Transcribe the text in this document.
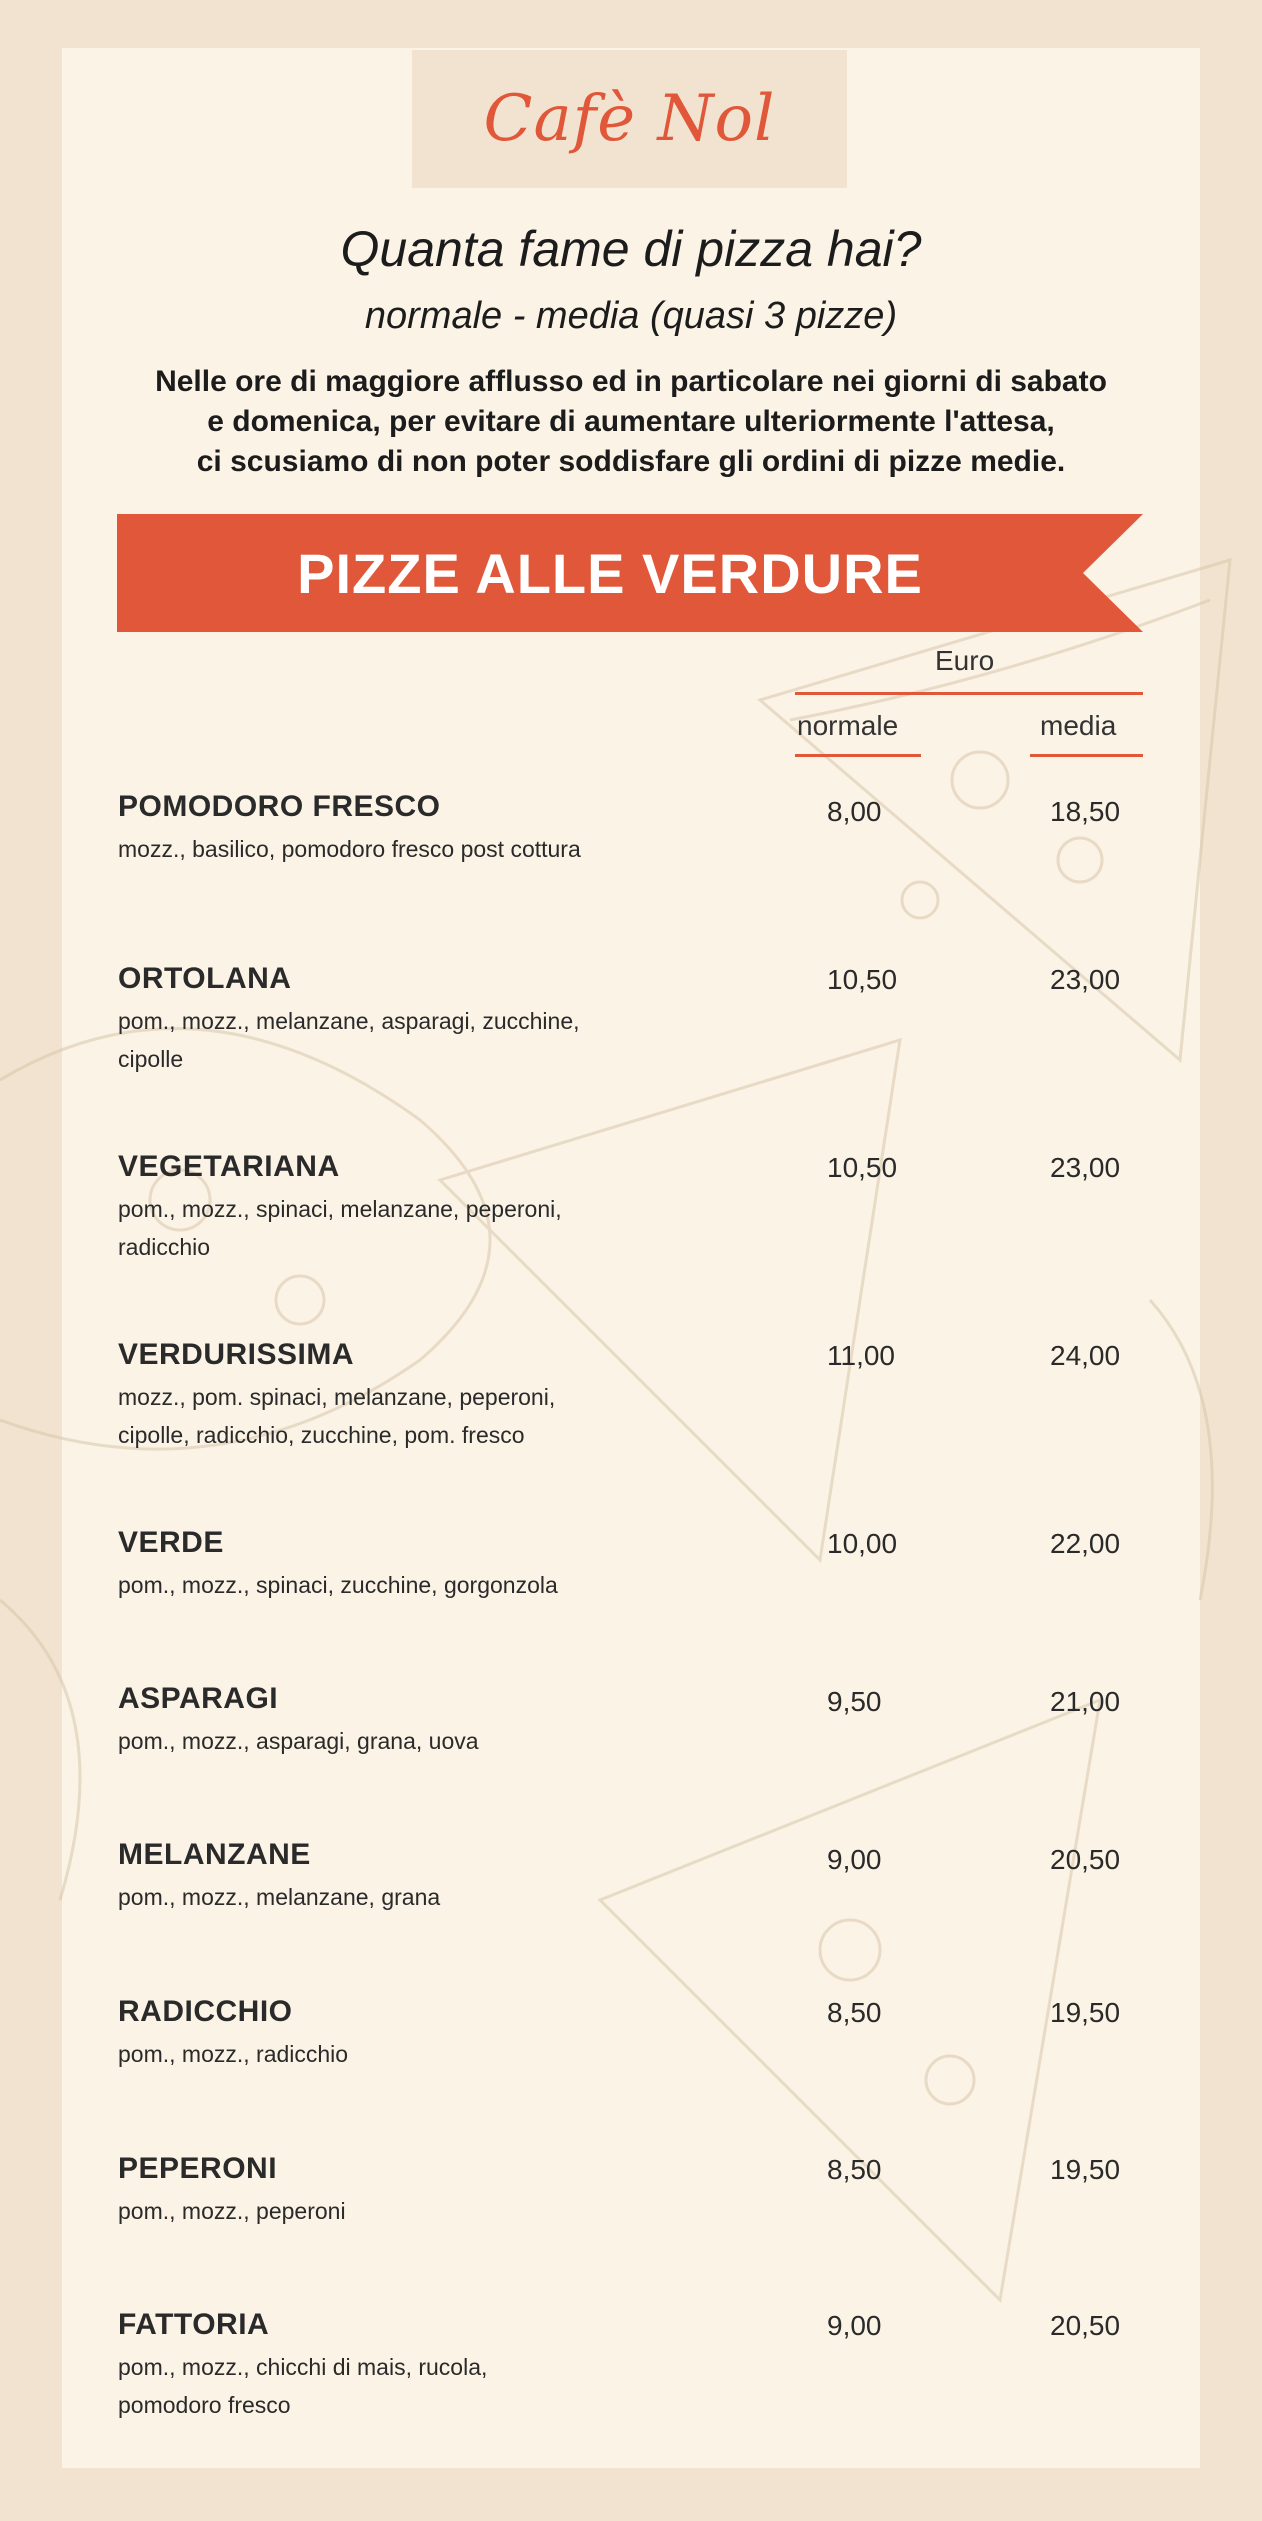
Cafè Nol
Quanta fame di pizza hai?
normale - media (quasi 3 pizze)
Nelle ore di maggiore afflusso ed in particolare nei giorni di sabato
e domenica, per evitare di aumentare ulteriormente l'attesa,
ci scusiamo di non poter soddisfare gli ordini di pizze medie.
PIZZE ALLE VERDURE
Euro
normale	media
POMODORO FRESCO
mozz., basilico, pomodoro fresco post cottura
8,00	18,50
ORTOLANA
pom., mozz., melanzane, asparagi, zucchine,
cipolle
10,50	23,00
VEGETARIANA
pom., mozz., spinaci, melanzane, peperoni,
radicchio
10,50	23,00
VERDURISSIMA
mozz., pom. spinaci, melanzane, peperoni,
cipolle, radicchio, zucchine, pom. fresco
11,00	24,00
VERDE
pom., mozz., spinaci, zucchine, gorgonzola
10,00	22,00
ASPARAGI
pom., mozz., asparagi, grana, uova
9,50	21,00
MELANZANE
pom., mozz., melanzane, grana
9,00	20,50
RADICCHIO
pom., mozz., radicchio
8,50	19,50
PEPERONI
pom., mozz., peperoni
8,50	19,50
FATTORIA
pom., mozz., chicchi di mais, rucola,
pomodoro fresco
9,00	20,50
